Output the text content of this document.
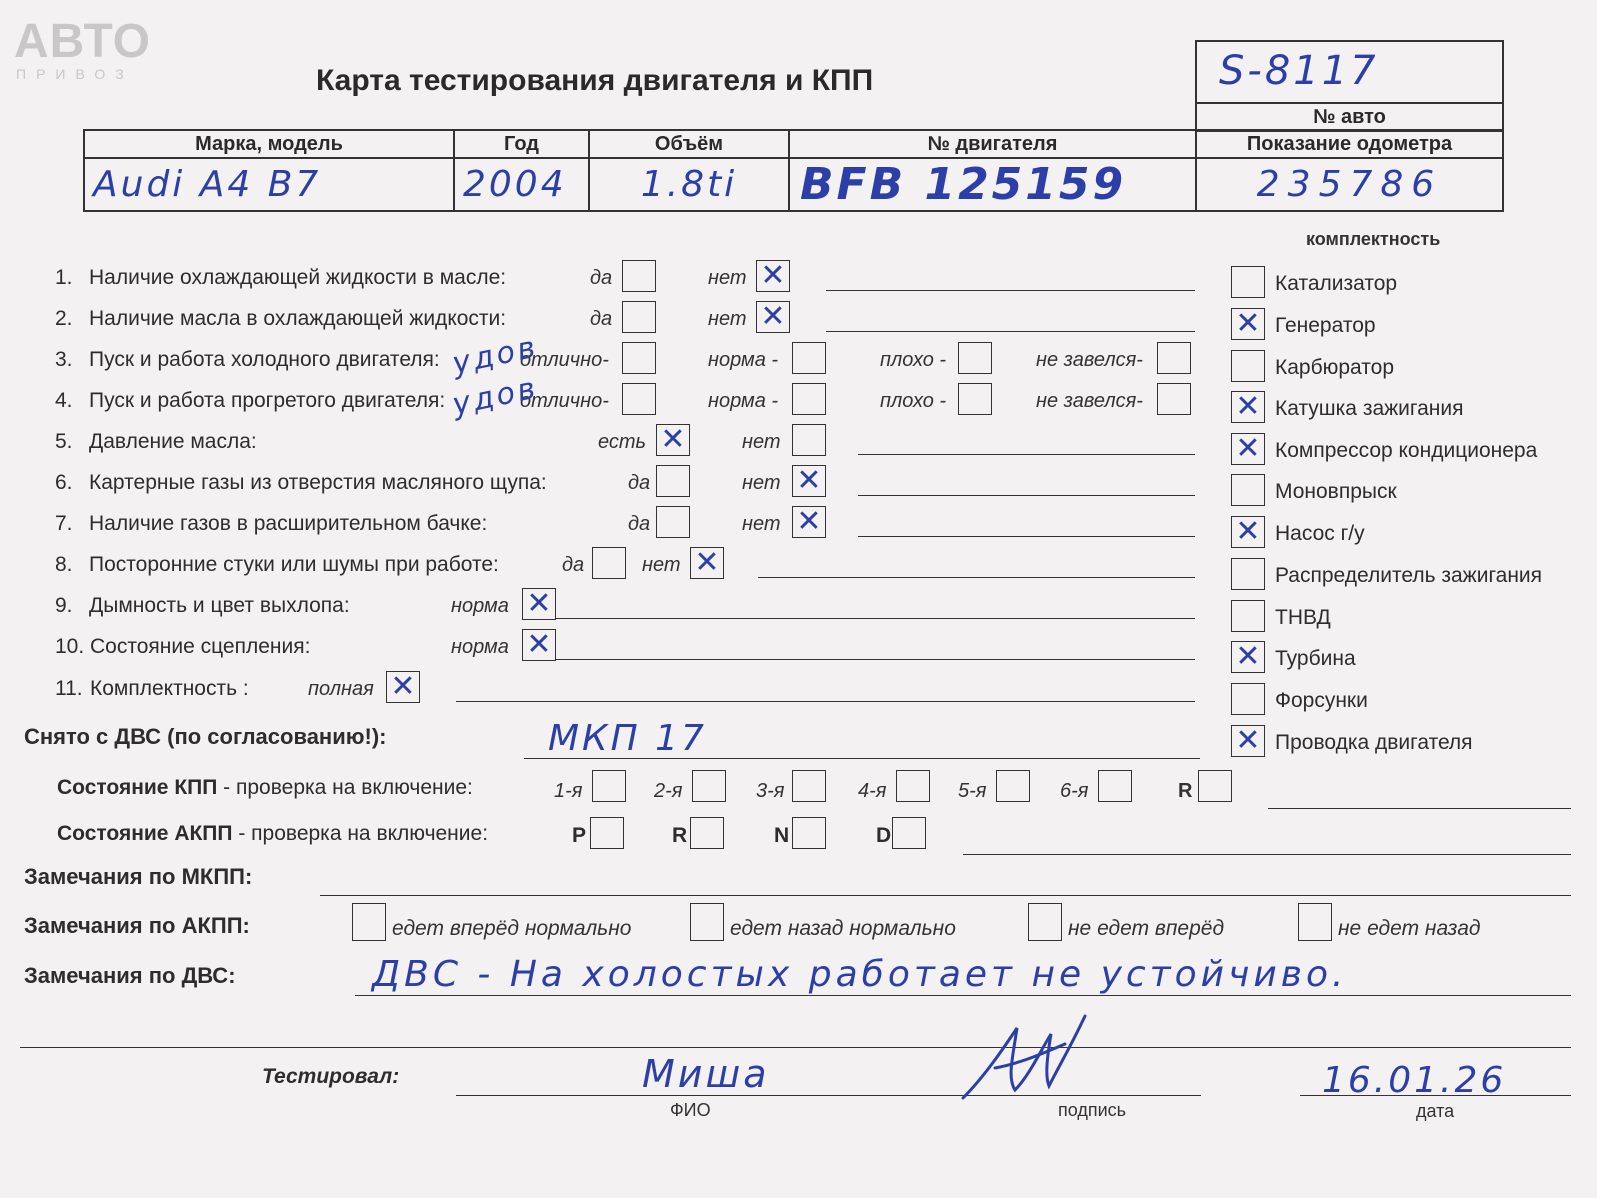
АВТО
ПРИВОЗ	Карта тестирования двигателя и КПП	S-8117

№ авто
Марка, модель	Год	Объём	№ двигателя	Показание одометра
Audi A4 B7	2004	1.8ti	BFB 125159	235786
комплектность
Катализатор
✕ Генератор
Карбюратор
✕ Катушка зажигания
✕ Компрессор кондиционера
Моновпрыск
✕ Насос г/у
Распределитель зажигания
ТНВД
✕ Турбина
Форсунки
✕ Проводка двигателя
1. Наличие охлаждающей жидкости в масле:	да	нет ✕
2. Наличие масла в охлаждающей жидкости:	да	нет ✕
3. Пуск и работа холодного двигателя:	отлично-	норма -	плохо -	не завелся-
удов
4. Пуск и работа прогретого двигателя:	отлично-	норма -	плохо -	не завелся-
удов
5. Давление масла:	есть ✕	нет
6. Картерные газы из отверстия масляного щупа:	да	нет ✕
7. Наличие газов в расширительном бачке:	да	нет ✕
8. Посторонние стуки или шумы при работе:	да	нет ✕
9. Дымность и цвет выхлопа:	норма ✕
10. Состояние сцепления:	норма ✕
11. Комплектность :	полная ✕
Снято с ДВС (по согласованию!):	МКП 17
Состояние КПП - проверка на включение:	1-я	2-я	3-я	4-я	5-я	6-я	R
Состояние АКПП - проверка на включение:	P	R	N	D
Замечания по МКПП:
Замечания по АКПП:	едет вперёд нормально	едет назад нормально	не едет вперёд	не едет назад
Замечания по ДВС:	ДВС - На холостых работает не устойчиво.
Тестировал:	Миша
ФИО	подпись
16.01.26
дата
